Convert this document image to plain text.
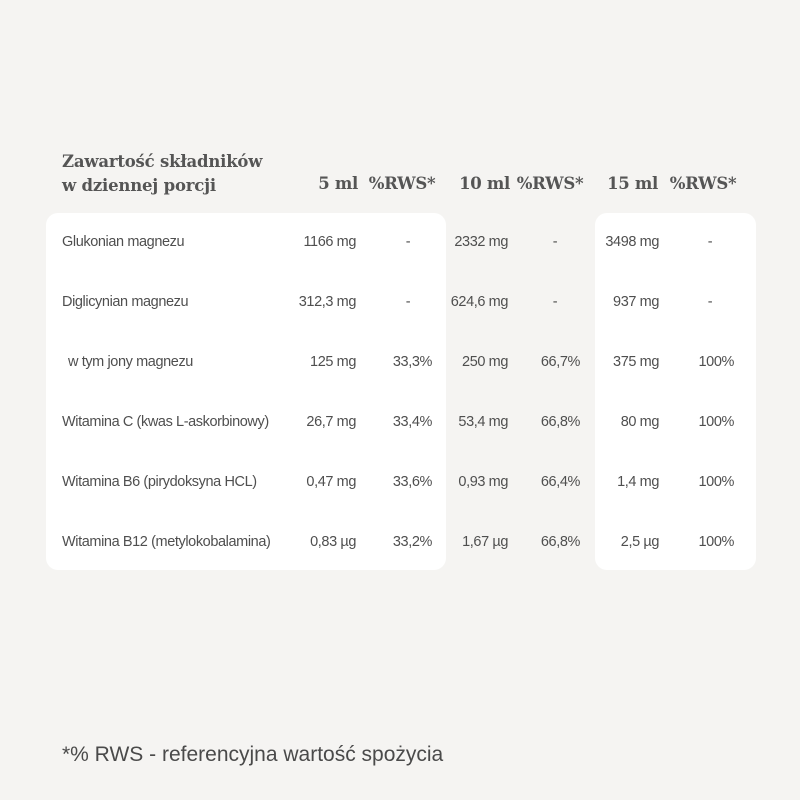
Zawartość składników
w dziennej porcji	5 ml %RWS*	10 ml %RWS*	15 ml %RWS*
Glukonian magnezu	1166 mg	-	2332 mg	-	3498 mg	-
Diglicynian magnezu	312,3 mg	-	624,6 mg	-	937 mg	-
w tym jony magnezu	125 mg	33,3%	250 mg	66,7%	375 mg	100%
Witamina C (kwas L-askorbinowy)	26,7 mg	33,4%	53,4 mg	66,8%	80 mg	100%
Witamina B6 (pirydoksyna HCL)	0,47 mg	33,6%	0,93 mg	66,4%	1,4 mg	100%
Witamina B12 (metylokobalamina)	0,83 µg	33,2%	1,67 µg	66,8%	2,5 µg	100%
*% RWS - referencyjna wartość spożycia
